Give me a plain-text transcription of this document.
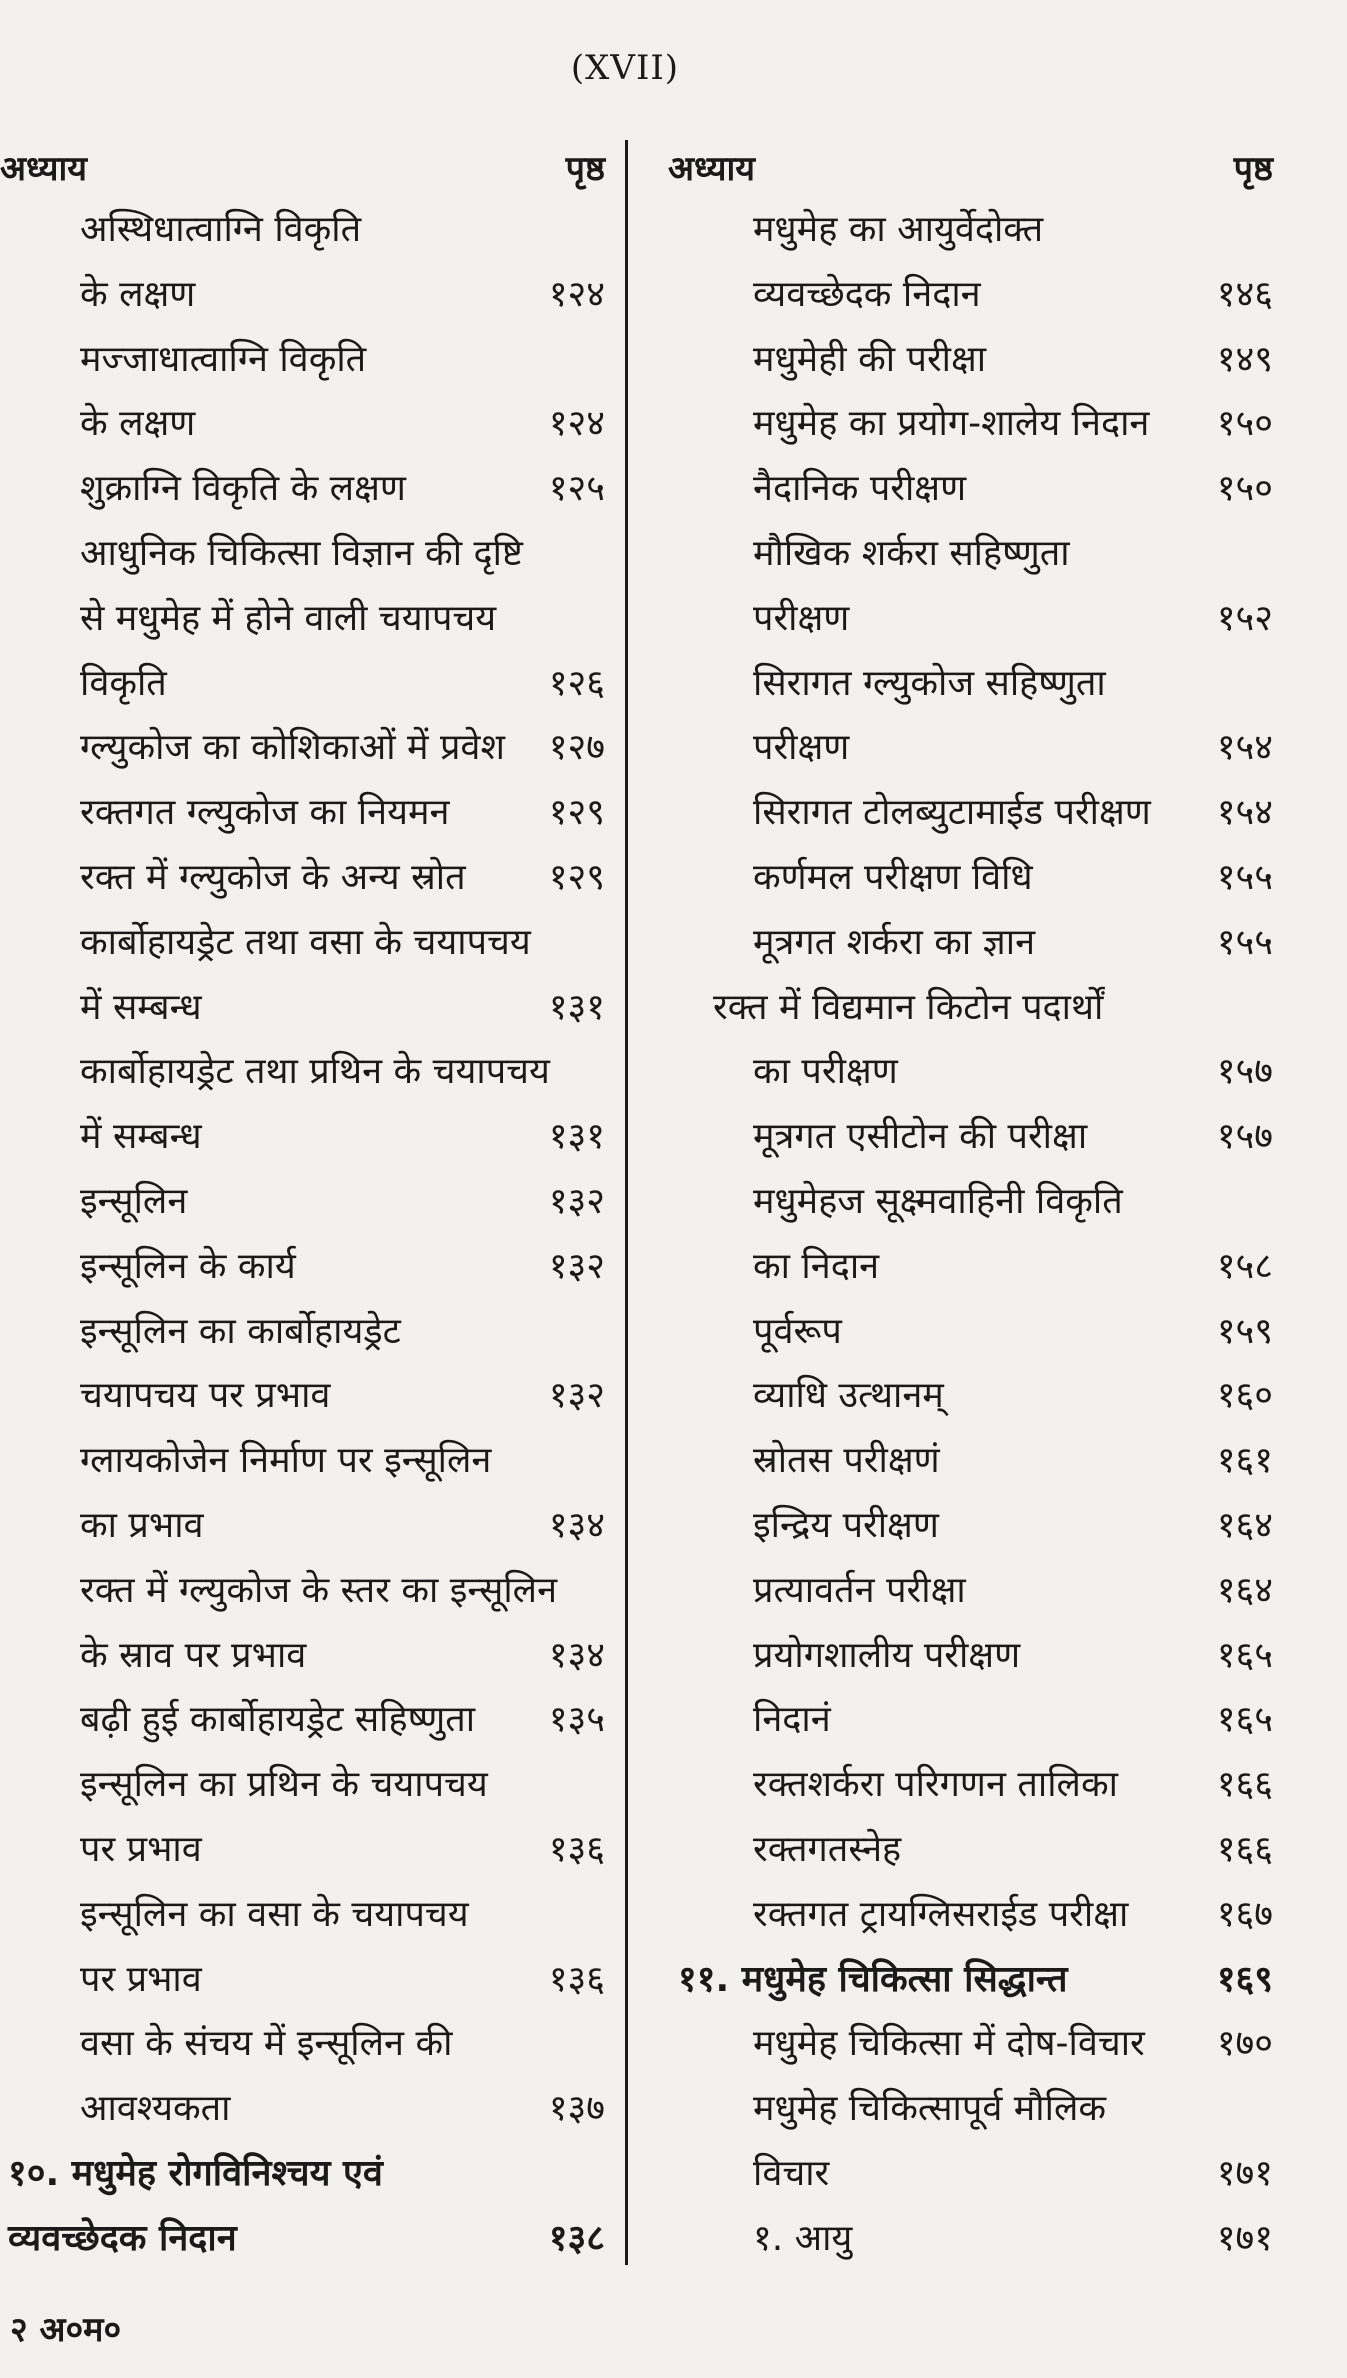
(XVII)
अध्याय	पृष्ठ
अस्थिधात्वाग्नि विकृति
के लक्षण	१२४
मज्जाधात्वाग्नि विकृति
के लक्षण	१२४
शुक्राग्नि विकृति के लक्षण	१२५
आधुनिक चिकित्सा विज्ञान की दृष्टि
से मधुमेह में होने वाली चयापचय
विकृति	१२६
ग्ल्युकोज का कोशिकाओं में प्रवेश १२७
रक्तगत ग्ल्युकोज का नियमन	१२९
रक्त में ग्ल्युकोज के अन्य स्रोत १२९
कार्बोहायड्रेट तथा वसा के चयापचय
में सम्बन्ध	१३१
कार्बोहायड्रेट तथा प्रथिन के चयापचय
में सम्बन्ध	१३१
इन्सूलिन	१३२
इन्सूलिन के कार्य	१३२
इन्सूलिन का कार्बोहायड्रेट
चयापचय पर प्रभाव	१३२
ग्लायकोजेन निर्माण पर इन्सूलिन
का प्रभाव	१३४
रक्त में ग्ल्युकोज के स्तर का इन्सूलिन
के स्राव पर प्रभाव	१३४
बढ़ी हुई कार्बोहायड्रेट सहिष्णुता १३५
इन्सूलिन का प्रथिन के चयापचय
पर प्रभाव	१३६
इन्सूलिन का वसा के चयापचय
पर प्रभाव	१३६
वसा के संचय में इन्सूलिन की
आवश्यकता	१३७
१०. मधुमेह रोगविनिश्चय एवं
व्यवच्छेदक निदान	१३८
अध्याय	पृष्ठ
मधुमेह का आयुर्वेदोक्त
व्यवच्छेदक निदान	१४६
मधुमेही की परीक्षा	१४९
मधुमेह का प्रयोग-शालेय निदान १५०
नैदानिक परीक्षण	१५०
मौखिक शर्करा सहिष्णुता
परीक्षण	१५२
सिरागत ग्ल्युकोज सहिष्णुता
परीक्षण	१५४
सिरागत टोलब्युटामाईड परीक्षण १५४
कर्णमल परीक्षण विधि	१५५
मूत्रगत शर्करा का ज्ञान	१५५
रक्त में विद्यमान किटोन पदार्थों
का परीक्षण	१५७
मूत्रगत एसीटोन की परीक्षा	१५७
मधुमेहज सूक्ष्मवाहिनी विकृति
का निदान	१५८
पूर्वरूप	१५९
व्याधि उत्थानम्	१६०
स्रोतस परीक्षणं	१६१
इन्द्रिय परीक्षण	१६४
प्रत्यावर्तन परीक्षा	१६४
प्रयोगशालीय परीक्षण	१६५
निदानं	१६५
रक्तशर्करा परिगणन तालिका	१६६
रक्तगतस्नेह	१६६
रक्तगत ट्रायग्लिसराईड परीक्षा १६७
११. मधुमेह चिकित्सा सिद्धान्त	१६९
मधुमेह चिकित्सा में दोष-विचार १७०
मधुमेह चिकित्सापूर्व मौलिक
विचार	१७१
१. आयु	१७१
२ अ०म०
